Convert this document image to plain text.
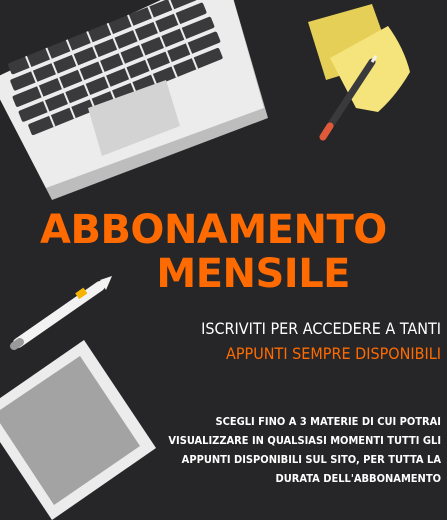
ABBONAMENTO
MENSILE

ISCRIVITI PER ACCEDERE A TANTI
APPUNTI SEMPRE DISPONIBILI

SCEGLI FINO A 3 MATERIE DI CUI POTRAI
VISUALIZZARE IN QUALSIASI MOMENTI TUTTI GLI
APPUNTI DISPONIBILI SUL SITO, PER TUTTA LA
DURATA DELL'ABBONAMENTO
